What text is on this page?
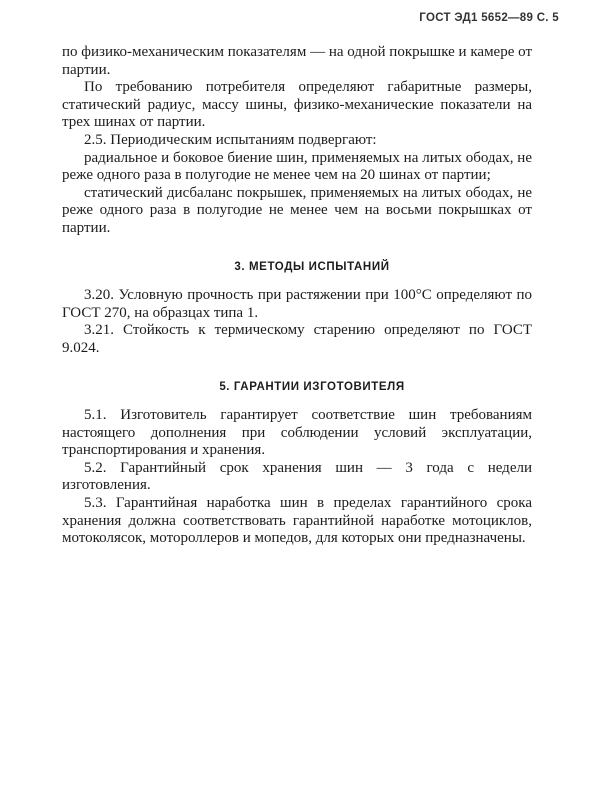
ГОСТ ЭД1 5652—89 С. 5

по физико-механическим показателям — на одной покрышке и камере от партии.

По требованию потребителя определяют габаритные размеры, статический радиус, массу шины, физико-механические показатели на трех шинах от партии.

2.5. Периодическим испытаниям подвергают:

радиальное и боковое биение шин, применяемых на литых ободах, не реже одного раза в полугодие не менее чем на 20 шинах от партии;

статический дисбаланс покрышек, применяемых на литых ободах, не реже одного раза в полугодие не менее чем на восьми покрышках от партии.

3. МЕТОДЫ ИСПЫТАНИЙ

3.20. Условную прочность при растяжении при 100°С определяют по ГОСТ 270, на образцах типа 1.

3.21. Стойкость к термическому старению определяют по ГОСТ 9.024.

5. ГАРАНТИИ ИЗГОТОВИТЕЛЯ

5.1. Изготовитель гарантирует соответствие шин требованиям настоящего дополнения при соблюдении условий эксплуатации, транспортирования и хранения.

5.2. Гарантийный срок хранения шин — 3 года с недели изготовления.

5.3. Гарантийная наработка шин в пределах гарантийного срока хранения должна соответствовать гарантийной наработке мотоциклов, мотоколясок, мотороллеров и мопедов, для которых они предназначены.
